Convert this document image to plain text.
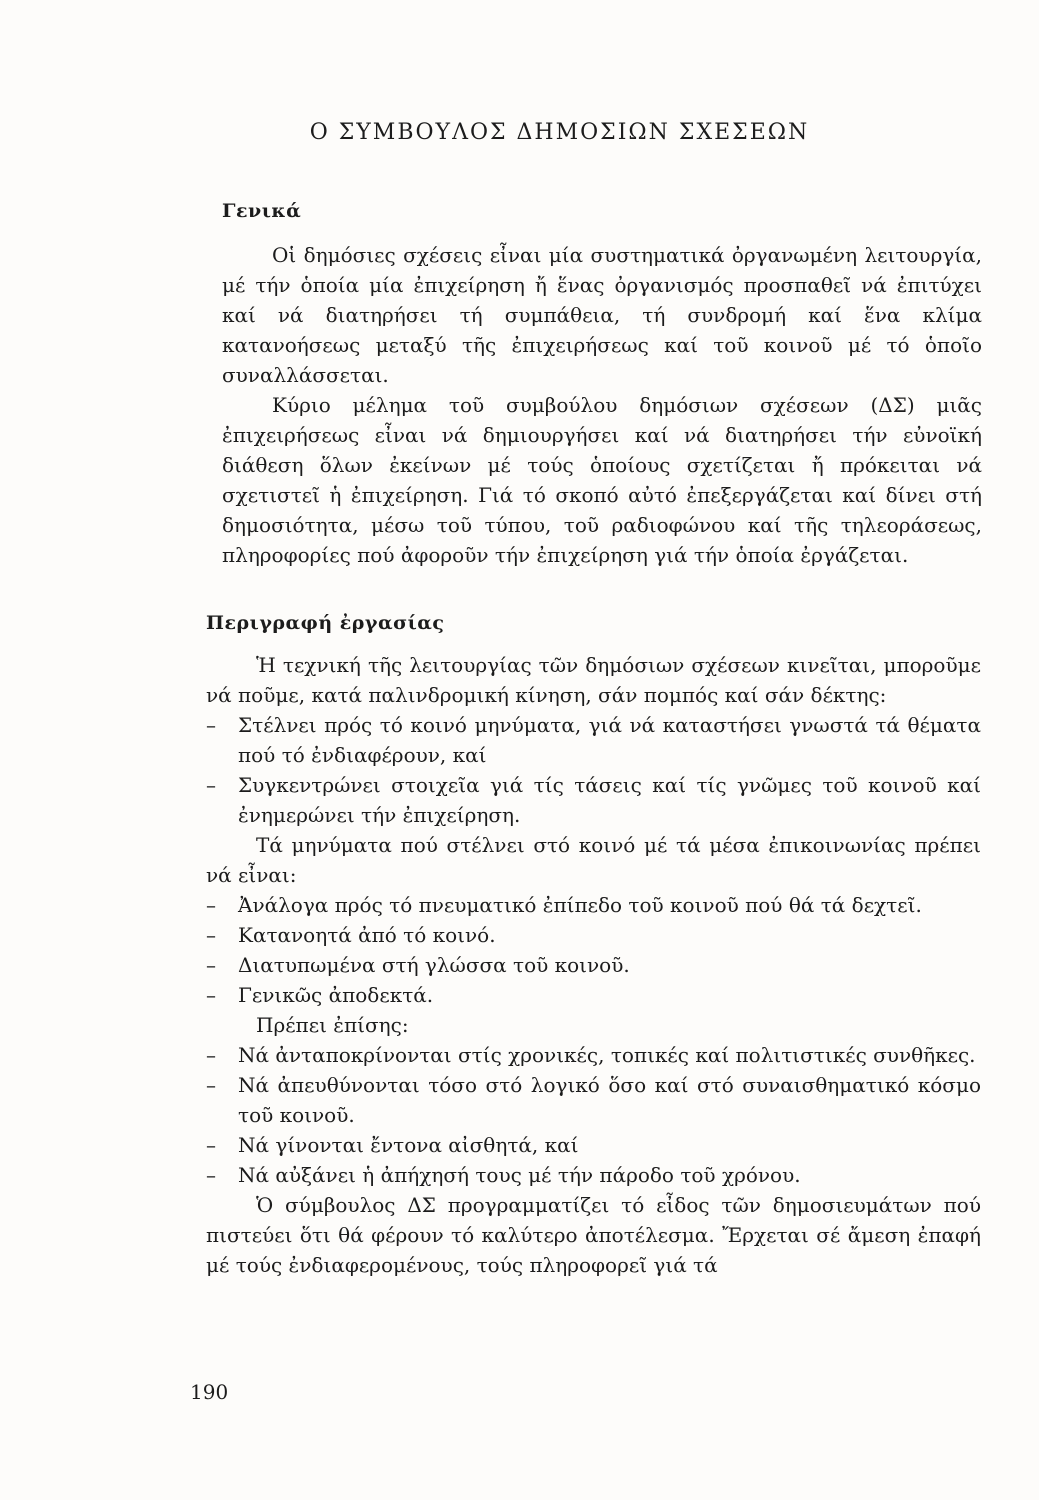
Ο ΣΥΜΒΟΥΛΟΣ ΔΗΜΟΣΙΩΝ ΣΧΕΣΕΩΝ
Γενικά

Οἱ δημόσιες σχέσεις εἶναι μία συστηματικά ὀργανωμένη λειτουργία, μέ τήν ὁποία μία ἐπιχείρηση ἤ ἕνας ὀργανισμός προσπαθεῖ νά ἐπιτύχει καί νά διατηρήσει τή συμπάθεια, τή συνδρομή καί ἕνα κλίμα κατανοήσεως μεταξύ τῆς ἐπιχειρήσεως καί τοῦ κοινοῦ μέ τό ὁποῖο συναλλάσσεται.

Κύριο μέλημα τοῦ συμβούλου δημόσιων σχέσεων (ΔΣ) μιᾶς ἐπιχειρήσεως εἶναι νά δημιουργήσει καί νά διατηρήσει τήν εὐνοϊκή διάθεση ὅλων ἐκείνων μέ τούς ὁποίους σχετίζεται ἤ πρόκειται νά σχετιστεῖ ἡ ἐπιχείρηση. Γιά τό σκοπό αὐτό ἐπεξεργάζεται καί δίνει στή δημοσιότητα, μέσω τοῦ τύπου, τοῦ ραδιοφώνου καί τῆς τηλεοράσεως, πληροφορίες πού ἀφοροῦν τήν ἐπιχείρηση γιά τήν ὁποία ἐργάζεται.

Περιγραφή ἐργασίας

Ἡ τεχνική τῆς λειτουργίας τῶν δημόσιων σχέσεων κινεῖται, μποροῦμε νά ποῦμε, κατά παλινδρομική κίνηση, σάν πομπός καί σάν δέκτης:

– Στέλνει πρός τό κοινό μηνύματα, γιά νά καταστήσει γνωστά τά θέματα πού τό ἐνδιαφέρουν, καί
– Συγκεντρώνει στοιχεῖα γιά τίς τάσεις καί τίς γνῶμες τοῦ κοινοῦ καί ἐνημερώνει τήν ἐπιχείρηση.

Τά μηνύματα πού στέλνει στό κοινό μέ τά μέσα ἐπικοινωνίας πρέπει νά εἶναι:

– Ἀνάλογα πρός τό πνευματικό ἐπίπεδο τοῦ κοινοῦ πού θά τά δεχτεῖ.
– Κατανοητά ἀπό τό κοινό.
– Διατυπωμένα στή γλώσσα τοῦ κοινοῦ.
– Γενικῶς ἀποδεκτά.

Πρέπει ἐπίσης:

– Νά ἀνταποκρίνονται στίς χρονικές, τοπικές καί πολιτιστικές συνθῆκες.
– Νά ἀπευθύνονται τόσο στό λογικό ὅσο καί στό συναισθηματικό κόσμο τοῦ κοινοῦ.
– Νά γίνονται ἔντονα αἰσθητά, καί
– Νά αὐξάνει ἡ ἀπήχησή τους μέ τήν πάροδο τοῦ χρόνου.

Ὁ σύμβουλος ΔΣ προγραμματίζει τό εἶδος τῶν δημοσιευμάτων πού πιστεύει ὅτι θά φέρουν τό καλύτερο ἀποτέλεσμα. Ἔρχεται σέ ἄμεση ἐπαφή μέ τούς ἐνδιαφερομένους, τούς πληροφορεῖ γιά τά

190
